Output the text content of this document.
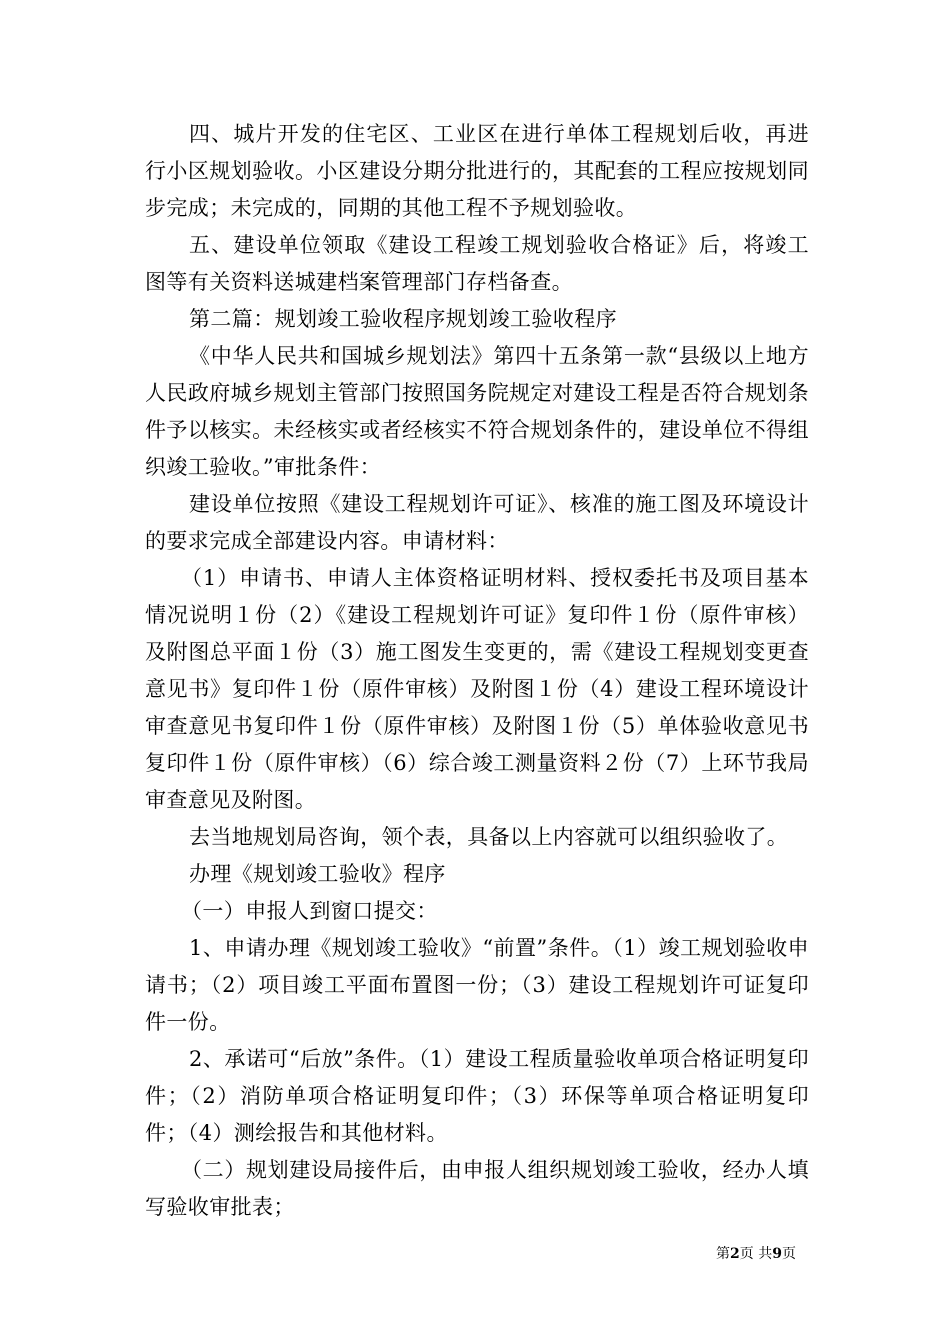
四、城片开发的住宅区、工业区在进行单体工程规划后收，再进行小区规划验收。小区建设分期分批进行的，其配套的工程应按规划同步完成；未完成的，同期的其他工程不予规划验收。

五、建设单位领取《建设工程竣工规划验收合格证》后，将竣工图等有关资料送城建档案管理部门存档备查。

第二篇：规划竣工验收程序规划竣工验收程序

《中华人民共和国城乡规划法》第四十五条第一款“县级以上地方人民政府城乡规划主管部门按照国务院规定对建设工程是否符合规划条件予以核实。未经核实或者经核实不符合规划条件的，建设单位不得组织竣工验收。”审批条件：

建设单位按照《建设工程规划许可证》、核准的施工图及环境设计的要求完成全部建设内容。申请材料：

（1）申请书、申请人主体资格证明材料、授权委托书及项目基本情况说明１份（2）《建设工程规划许可证》复印件１份（原件审核）及附图总平面１份（3）施工图发生变更的，需《建设工程规划变更查意见书》复印件１份（原件审核）及附图１份（4）建设工程环境设计审查意见书复印件１份（原件审核）及附图１份（5）单体验收意见书复印件１份（原件审核）（6）综合竣工测量资料２份（7）上环节我局审查意见及附图。

去当地规划局咨询，领个表，具备以上内容就可以组织验收了。

办理《规划竣工验收》程序

（一）申报人到窗口提交：

1、申请办理《规划竣工验收》“前置”条件。（1）竣工规划验收申请书；（2）项目竣工平面布置图一份；（3）建设工程规划许可证复印件一份。

2、承诺可“后放”条件。（1）建设工程质量验收单项合格证明复印件；（2）消防单项合格证明复印件；（3）环保等单项合格证明复印件；（4）测绘报告和其他材料。

（二）规划建设局接件后，由申报人组织规划竣工验收，经办人填写验收审批表；

第2页 共9页
